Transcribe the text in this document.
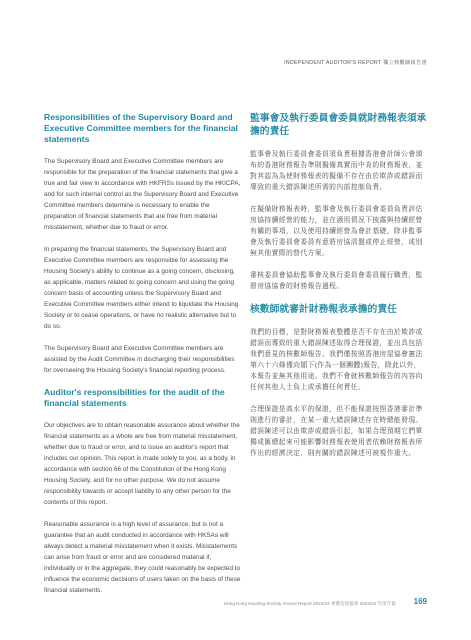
INDEPENDENT AUDITOR'S REPORT 獨立核數師報告書
Responsibilities of the Supervisory Board and Executive Committee members for the financial statements

The Supervisory Board and Executive Committee members are responsible for the preparation of the financial statements that give a true and fair view in accordance with HKFRSs issued by the HKICPA, and for such internal control as the Supervisory Board and Executive Committee members determine is necessary to enable the preparation of financial statements that are free from material misstatement, whether due to fraud or error.

In preparing the financial statements, the Supervisory Board and Executive Committee members are responsible for assessing the Housing Society's ability to continue as a going concern, disclosing, as applicable, matters related to going concern and using the going concern basis of accounting unless the Supervisory Board and Executive Committee members either intend to liquidate the Housing Society or to cease operations, or have no realistic alternative but to do so.

The Supervisory Board and Executive Committee members are assisted by the Audit Committee in discharging their responsibilities for overseeing the Housing Society's financial reporting process.

Auditor's responsibilities for the audit of the financial statements

Our objectives are to obtain reasonable assurance about whether the financial statements as a whole are free from material misstatement, whether due to fraud or error, and to issue an auditor's report that includes our opinion. This report is made solely to you, as a body, in accordance with section 66 of the Constitution of the Hong Kong Housing Society, and for no other purpose. We do not assume responsibility towards or accept liability to any other person for the contents of this report.

Reasonable assurance is a high level of assurance, but is not a guarantee that an audit conducted in accordance with HKSAs will always detect a material misstatement when it exists. Misstatements can arise from fraud or error and are considered material if, individually or in the aggregate, they could reasonably be expected to influence the economic decisions of users taken on the basis of these financial statements.

監事會及執行委員會委員就財務報表須承擔的責任

監事會及執行委員會委員須負責根據香港會計師公會頒布的香港財務報告準則擬備真實而中肯的財務報表，並對其認為為使財務報表的擬備不存在由於欺詐或錯誤而導致的重大錯誤陳述所需的內部控制負責。

在擬備財務報表時，監事會及執行委員會委員負責評估房協持續經營的能力，並在適用情況下披露與持續經營有關的事項，以及使用持續經營為會計基礎，除非監事會及執行委員會委員有意將房協清盤或停止經營，或別無其他實際的替代方案。

審核委員會協助監事會及執行委員會委員履行職責，監督房協協會的財務報告過程。

核數師就審計財務報表承擔的責任

我們的目標，是對財務報表整體是否不存在由於欺詐或錯誤而導致的重大錯誤陳述取得合理保證，並出具包括我們意見的核數師報告。我們僅按照香港房屋協會憲法第六十六條僅向閣下(作為一個團體)報告，除此以外，本報告並無其他用途。我們不會就核數師報告的內容向任何其他人士負上或承擔任何責任。

合理保證是高水平的保證，但不能保證按照香港審計準則進行的審計，在某一重大錯誤陳述存在時總能發現。錯誤陳述可以由欺詐或錯誤引起，如果合理預期它們單獨或匯總起來可能影響財務報表使用者依賴財務報表所作出的經濟決定，則有關的錯誤陳述可被視作重大。

Hong Kong Housing Society Annual Report 2023/24 香港房屋協會 2023/24 年度年報 169
